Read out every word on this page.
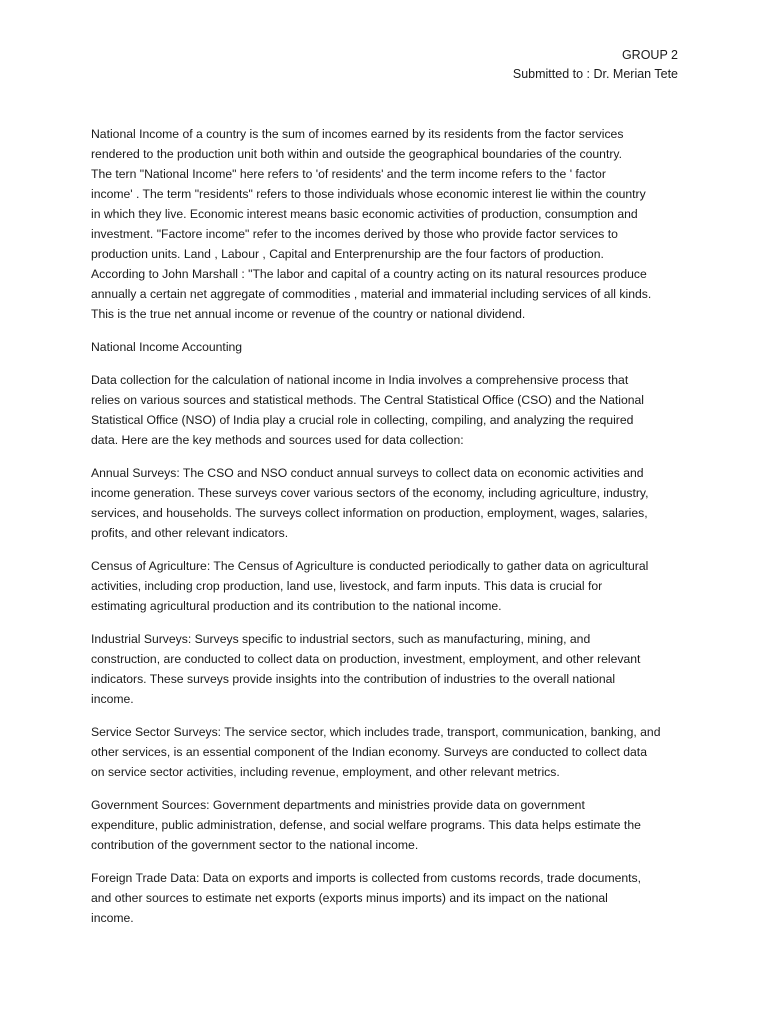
GROUP 2
Submitted to : Dr. Merian Tete

National Income of a country is the sum of incomes earned by its residents from the factor services
rendered to the production unit both within and outside the geographical boundaries of the country.
The tern "National Income" here refers to 'of residents' and the term income refers to the ' factor
income' . The term "residents" refers to those individuals whose economic interest lie within the country
in which they live. Economic interest means basic economic activities of production, consumption and
investment. "Factore income" refer to the incomes derived by those who provide factor services to
production units. Land , Labour , Capital and Enterprenurship are the four factors of production.
According to John Marshall : "The labor and capital of a country acting on its natural resources produce
annually a certain net aggregate of commodities , material and immaterial including services of all kinds.
This is the true net annual income or revenue of the country or national dividend.

National Income Accounting

Data collection for the calculation of national income in India involves a comprehensive process that
relies on various sources and statistical methods. The Central Statistical Office (CSO) and the National
Statistical Office (NSO) of India play a crucial role in collecting, compiling, and analyzing the required
data. Here are the key methods and sources used for data collection:

Annual Surveys: The CSO and NSO conduct annual surveys to collect data on economic activities and
income generation. These surveys cover various sectors of the economy, including agriculture, industry,
services, and households. The surveys collect information on production, employment, wages, salaries,
profits, and other relevant indicators.

Census of Agriculture: The Census of Agriculture is conducted periodically to gather data on agricultural
activities, including crop production, land use, livestock, and farm inputs. This data is crucial for
estimating agricultural production and its contribution to the national income.

Industrial Surveys: Surveys specific to industrial sectors, such as manufacturing, mining, and
construction, are conducted to collect data on production, investment, employment, and other relevant
indicators. These surveys provide insights into the contribution of industries to the overall national
income.

Service Sector Surveys: The service sector, which includes trade, transport, communication, banking, and
other services, is an essential component of the Indian economy. Surveys are conducted to collect data
on service sector activities, including revenue, employment, and other relevant metrics.

Government Sources: Government departments and ministries provide data on government
expenditure, public administration, defense, and social welfare programs. This data helps estimate the
contribution of the government sector to the national income.

Foreign Trade Data: Data on exports and imports is collected from customs records, trade documents,
and other sources to estimate net exports (exports minus imports) and its impact on the national
income.
